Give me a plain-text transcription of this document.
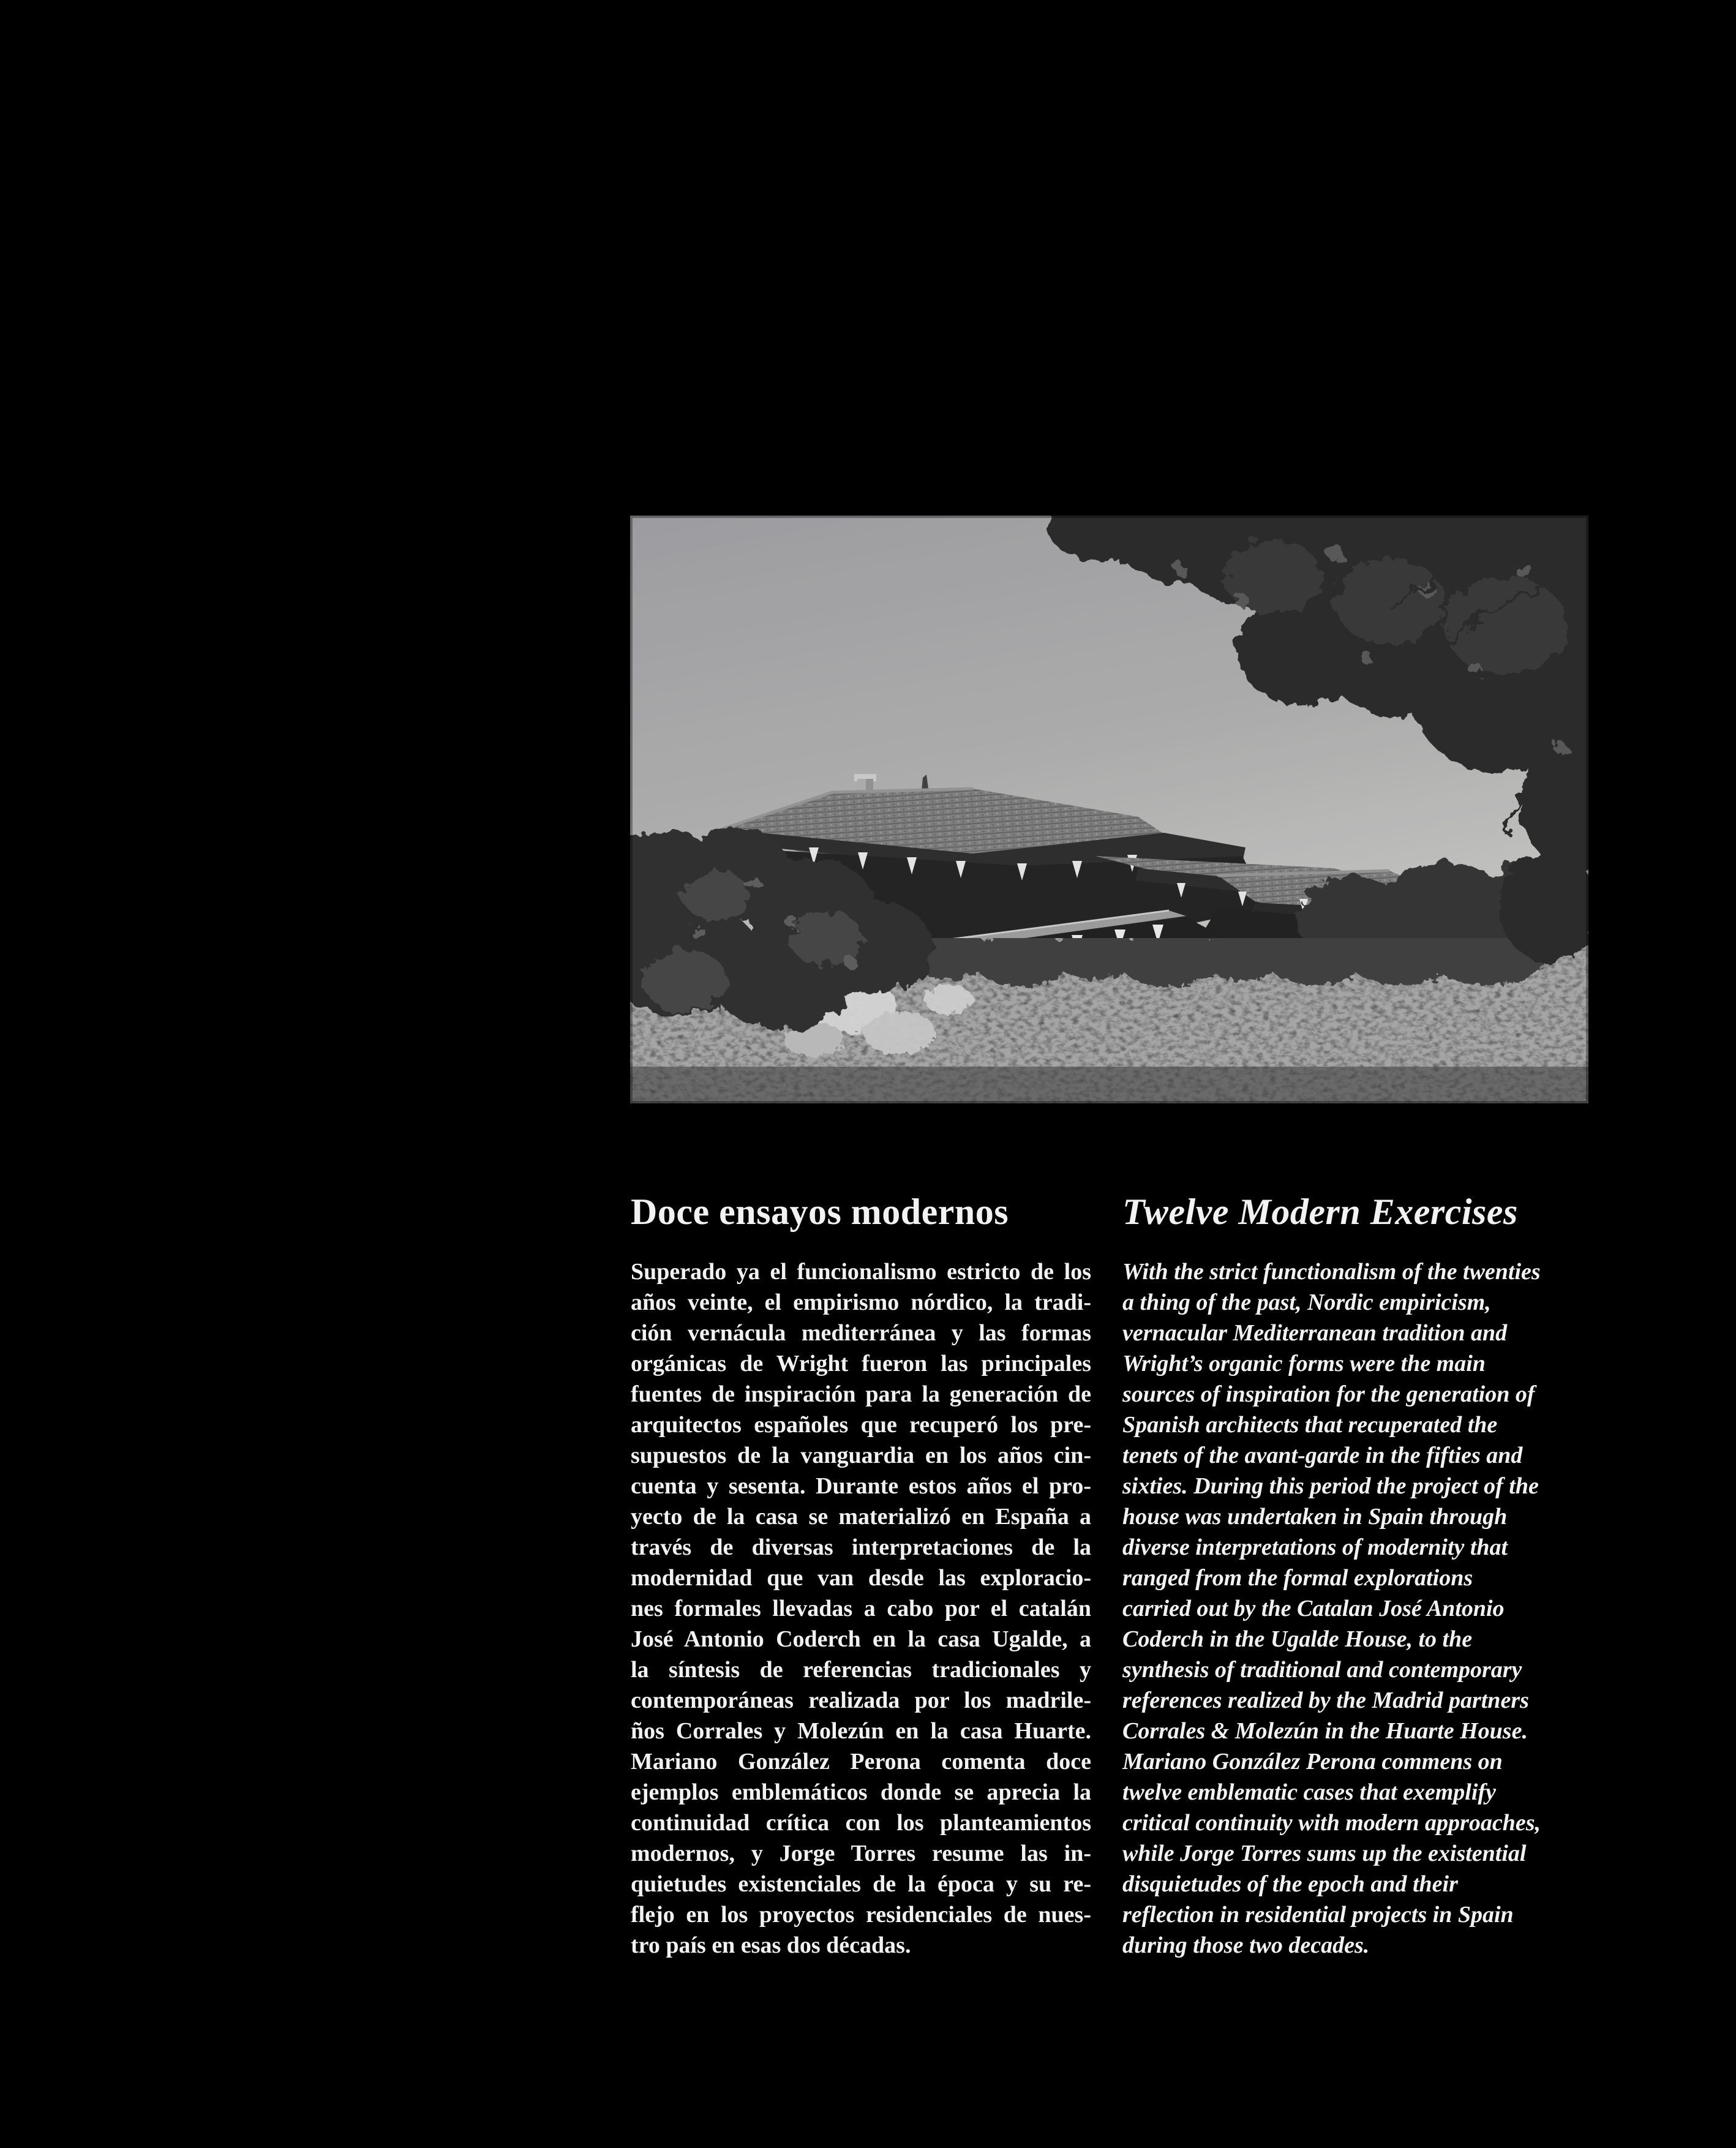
Doce ensayos modernos
Superado ya el funcionalismo estricto de los
años veinte, el empirismo nórdico, la tradi-
ción vernácula mediterránea y las formas
orgánicas de Wright fueron las principales
fuentes de inspiración para la generación de
arquitectos españoles que recuperó los pre-
supuestos de la vanguardia en los años cin-
cuenta y sesenta. Durante estos años el pro-
yecto de la casa se materializó en España a
través de diversas interpretaciones de la
modernidad que van desde las exploracio-
nes formales llevadas a cabo por el catalán
José Antonio Coderch en la casa Ugalde, a
la síntesis de referencias tradicionales y
contemporáneas realizada por los madrile-
ños Corrales y Molezún en la casa Huarte.
Mariano González Perona comenta doce
ejemplos emblemáticos donde se aprecia la
continuidad crítica con los planteamientos
modernos, y Jorge Torres resume las in-
quietudes existenciales de la época y su re-
flejo en los proyectos residenciales de nues-
tro país en esas dos décadas.
Twelve Modern Exercises
With the strict functionalism of the twenties
a thing of the past, Nordic empiricism,
vernacular Mediterranean tradition and
Wright’s organic forms were the main
sources of inspiration for the generation of
Spanish architects that recuperated the
tenets of the avant-garde in the fifties and
sixties. During this period the project of the
house was undertaken in Spain through
diverse interpretations of modernity that
ranged from the formal explorations
carried out by the Catalan José Antonio
Coderch in the Ugalde House, to the
synthesis of traditional and contemporary
references realized by the Madrid partners
Corrales & Molezún in the Huarte House.
Mariano González Perona commens on
twelve emblematic cases that exemplify
critical continuity with modern approaches,
while Jorge Torres sums up the existential
disquietudes of the epoch and their
reflection in residential projects in Spain
during those two decades.
